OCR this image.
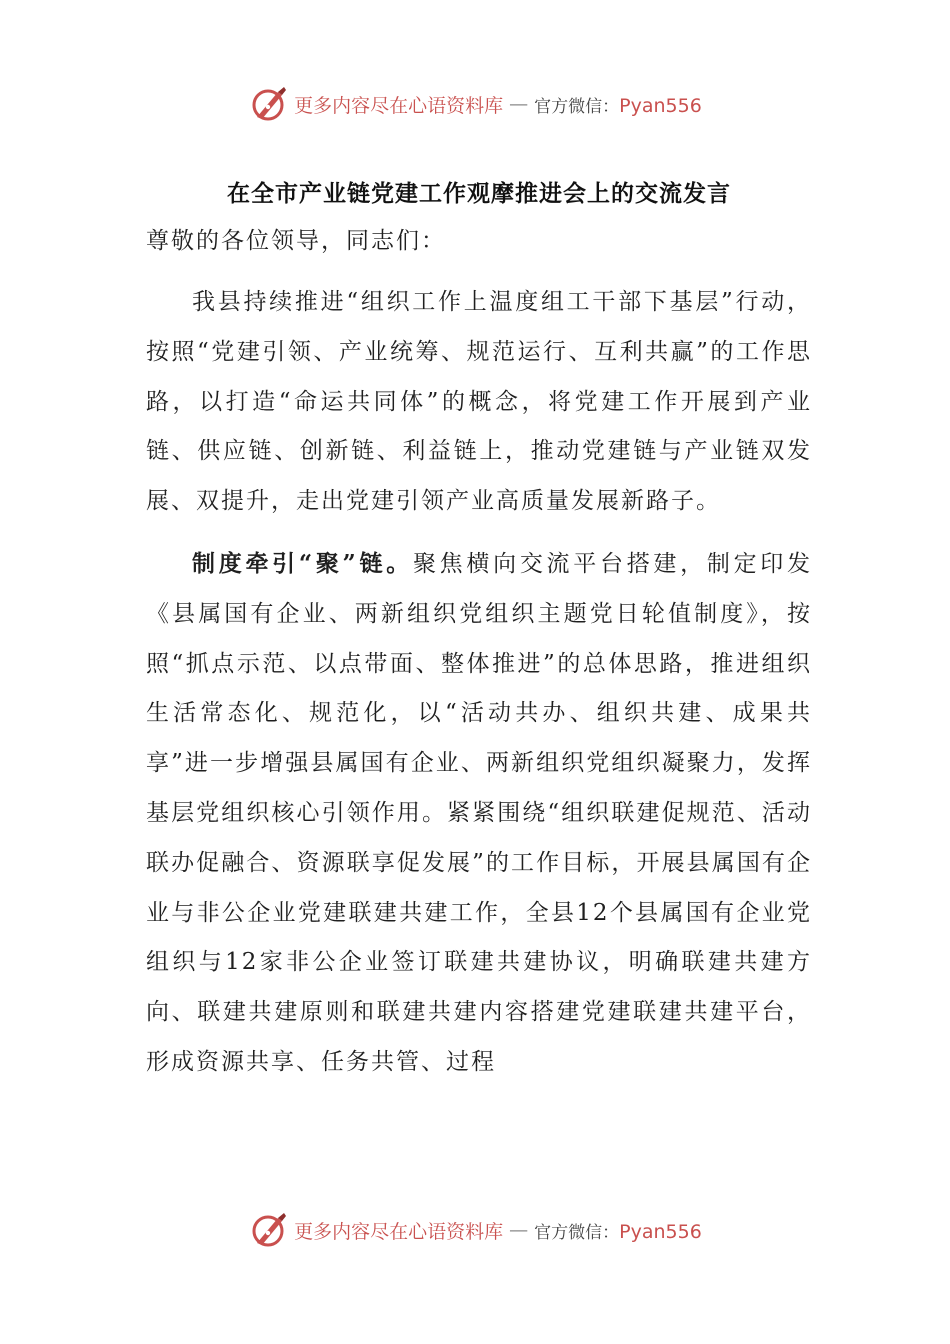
更多内容尽在心语资料库 — 官方微信：Pyan556
在全市产业链党建工作观摩推进会上的交流发言

尊敬的各位领导，同志们：

我县持续推进“组织工作上温度组工干部下基层”行动，按照“党建引领、产业统筹、规范运行、互利共赢”的工作思路，以打造“命运共同体”的概念，将党建工作开展到产业链、供应链、创新链、利益链上，推动党建链与产业链双发展、双提升，走出党建引领产业高质量发展新路子。

制度牵引“聚”链。聚焦横向交流平台搭建，制定印发《县属国有企业、两新组织党组织主题党日轮值制度》，按照“抓点示范、以点带面、整体推进”的总体思路，推进组织生活常态化、规范化，以“活动共办、组织共建、成果共享”进一步增强县属国有企业、两新组织党组织凝聚力，发挥基层党组织核心引领作用。紧紧围绕“组织联建促规范、活动联办促融合、资源联享促发展”的工作目标，开展县属国有企业与非公企业党建联建共建工作，全县12个县属国有企业党组织与12家非公企业签订联建共建协议，明确联建共建方向、联建共建原则和联建共建内容搭建党建联建共建平台，形成资源共享、任务共管、过程

更多内容尽在心语资料库 — 官方微信：Pyan556
